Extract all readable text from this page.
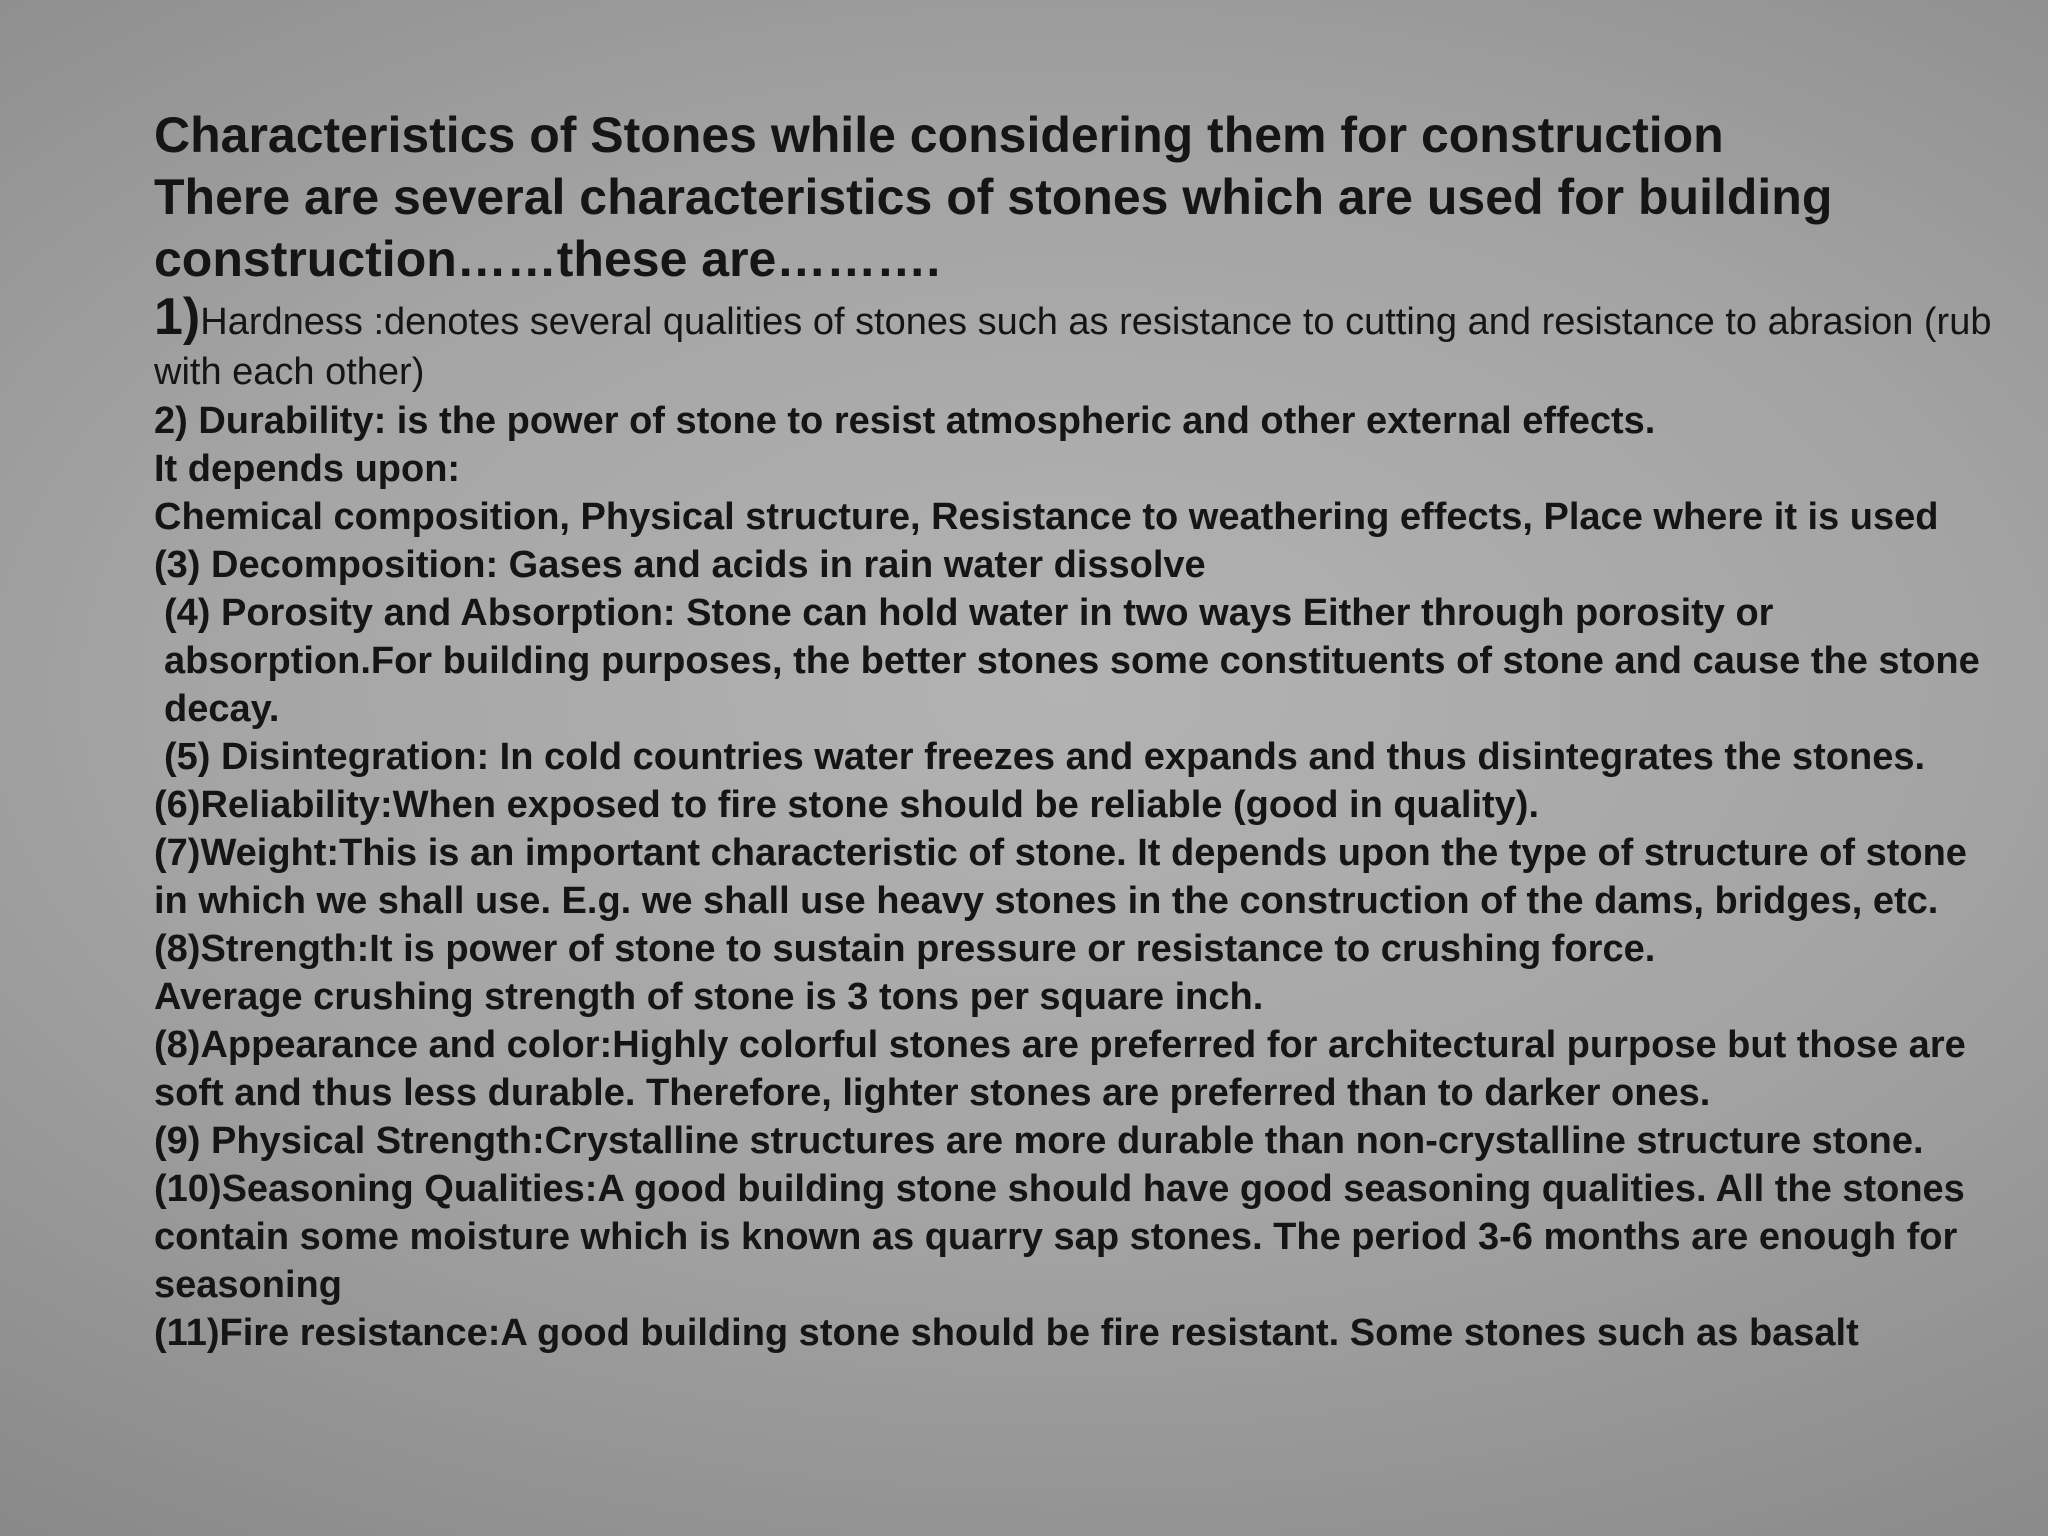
Characteristics of Stones while considering them for construction
There are several characteristics of stones which are used for building
construction……these are……….

1)Hardness :denotes several qualities of stones such as resistance to cutting and resistance to abrasion (rub with each other)

2) Durability: is the power of stone to resist atmospheric and other external effects.

It depends upon:

Chemical composition, Physical structure, Resistance to weathering effects, Place where it is used

(3) Decomposition: Gases and acids in rain water dissolve

(4) Porosity and Absorption: Stone can hold water in two ways Either through porosity or absorption.For building purposes, the better stones some constituents of stone and cause the stone decay.

(5) Disintegration: In cold countries water freezes and expands and thus disintegrates the stones.

(6)Reliability:When exposed to fire stone should be reliable (good in quality).

(7)Weight:This is an important characteristic of stone. It depends upon the type of structure of stone in which we shall use. E.g. we shall use heavy stones in the construction of the dams, bridges, etc.

(8)Strength:It is power of stone to sustain pressure or resistance to crushing force.

Average crushing strength of stone is 3 tons per square inch.

(8)Appearance and color:Highly colorful stones are preferred for architectural purpose but those are soft and thus less durable. Therefore, lighter stones are preferred than to darker ones.

(9) Physical Strength:Crystalline structures are more durable than non-crystalline structure stone.

(10)Seasoning Qualities:A good building stone should have good seasoning qualities. All the stones contain some moisture which is known as quarry sap stones. The period 3-6 months are enough for seasoning

(11)Fire resistance:A good building stone should be fire resistant. Some stones such as basalt
